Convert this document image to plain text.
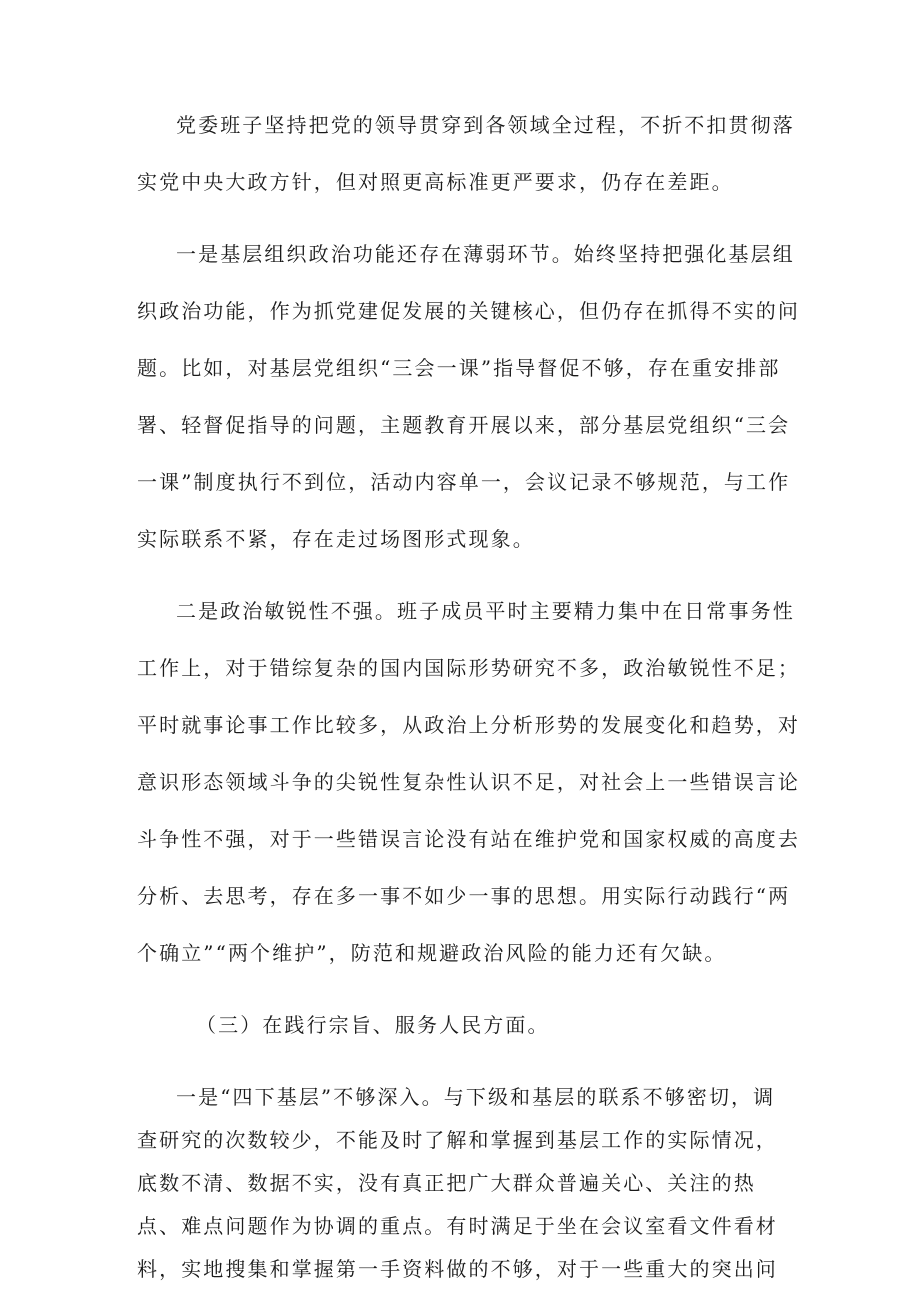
党委班子坚持把党的领导贯穿到各领域全过程，不折不扣贯彻落

实党中央大政方针，但对照更高标准更严要求，仍存在差距。

一是基层组织政治功能还存在薄弱环节。始终坚持把强化基层组

织政治功能，作为抓党建促发展的关键核心，但仍存在抓得不实的问

题。比如，对基层党组织“三会一课”指导督促不够，存在重安排部

署、轻督促指导的问题，主题教育开展以来，部分基层党组织“三会

一课”制度执行不到位，活动内容单一，会议记录不够规范，与工作

实际联系不紧，存在走过场图形式现象。

二是政治敏锐性不强。班子成员平时主要精力集中在日常事务性

工作上，对于错综复杂的国内国际形势研究不多，政治敏锐性不足；

平时就事论事工作比较多，从政治上分析形势的发展变化和趋势，对

意识形态领域斗争的尖锐性复杂性认识不足，对社会上一些错误言论

斗争性不强，对于一些错误言论没有站在维护党和国家权威的高度去

分析、去思考，存在多一事不如少一事的思想。用实际行动践行“两

个确立”“两个维护”，防范和规避政治风险的能力还有欠缺。

（三）在践行宗旨、服务人民方面。

一是“四下基层”不够深入。与下级和基层的联系不够密切，调

查研究的次数较少，不能及时了解和掌握到基层工作的实际情况，

底数不清、数据不实，没有真正把广大群众普遍关心、关注的热

点、难点问题作为协调的重点。有时满足于坐在会议室看文件看材

料，实地搜集和掌握第一手资料做的不够，对于一些重大的突出问
